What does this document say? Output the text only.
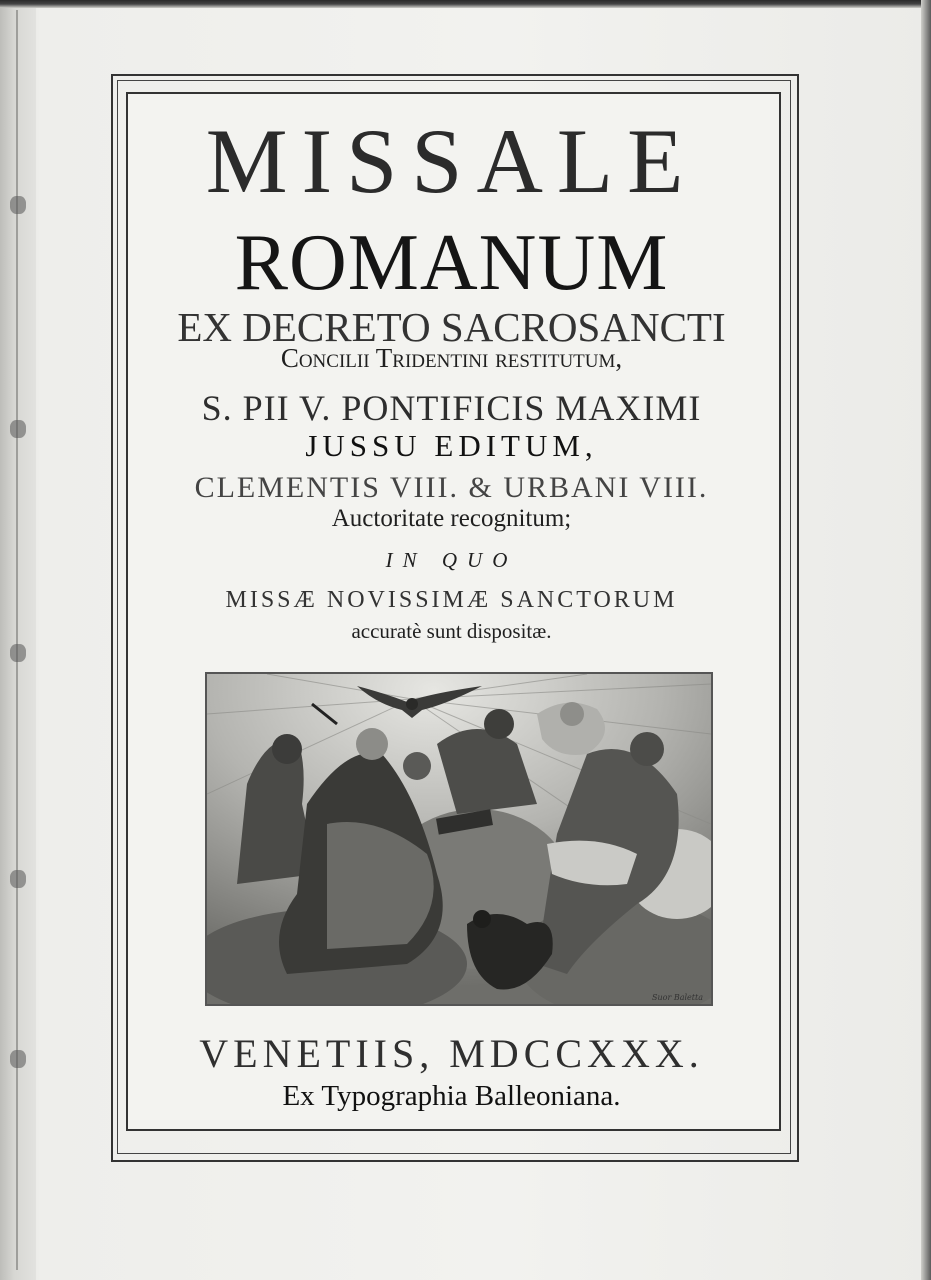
MISSALE
ROMANUM
EX DECRETO SACROSANCTI
Concilii Tridentini restitutum,
S. PII V. PONTIFICIS MAXIMI
JUSSU EDITUM,
CLEMENTIS VIII. & URBANI VIII.
Auctoritate recognitum;
IN QUO
MISSÆ NOVISSIMÆ SANCTORUM
accuratè sunt dispositæ.
Suor Baletta
VENETIIS, MDCCXXX.
Ex Typographia Balleoniana.
